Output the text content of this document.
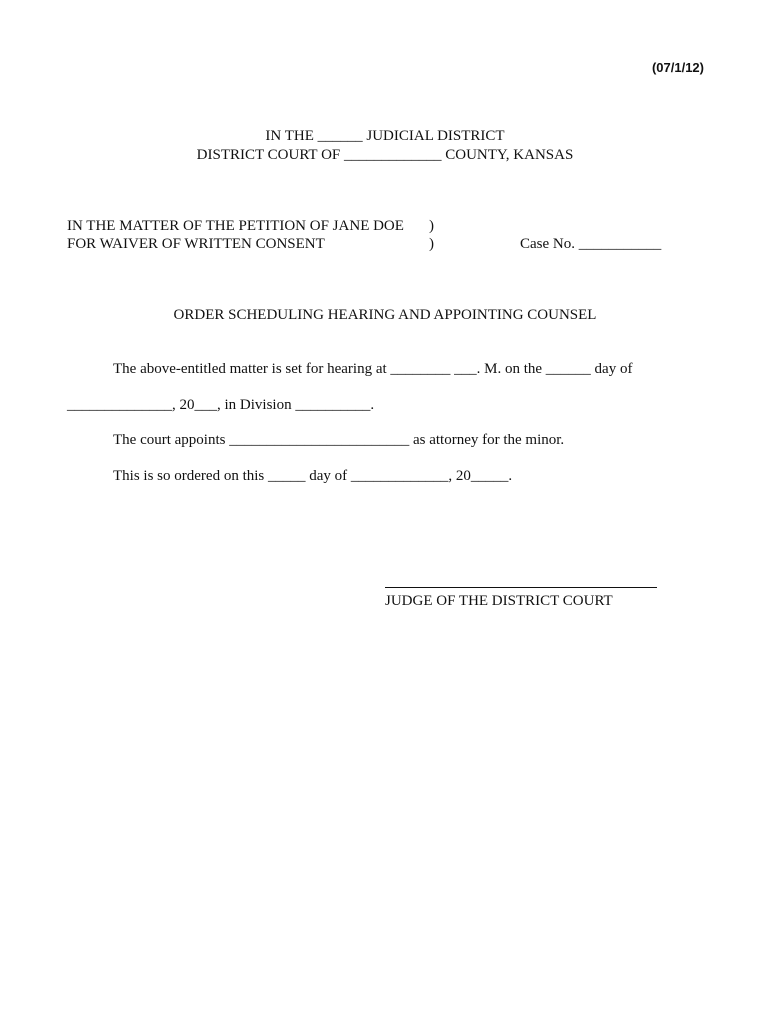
(07/1/12)
IN THE ______ JUDICIAL DISTRICT
DISTRICT COURT OF _____________ COUNTY, KANSAS
IN THE MATTER OF THE PETITION OF JANE DOE
FOR WAIVER OF WRITTEN CONSENT
)
)	Case No. ___________
ORDER SCHEDULING HEARING AND APPOINTING COUNSEL
The above-entitled matter is set for hearing at ________ ___. M. on the ______ day of
______________, 20___, in Division __________.
The court appoints ________________________ as attorney for the minor.
This is so ordered on this _____ day of _____________, 20_____.
JUDGE OF THE DISTRICT COURT
